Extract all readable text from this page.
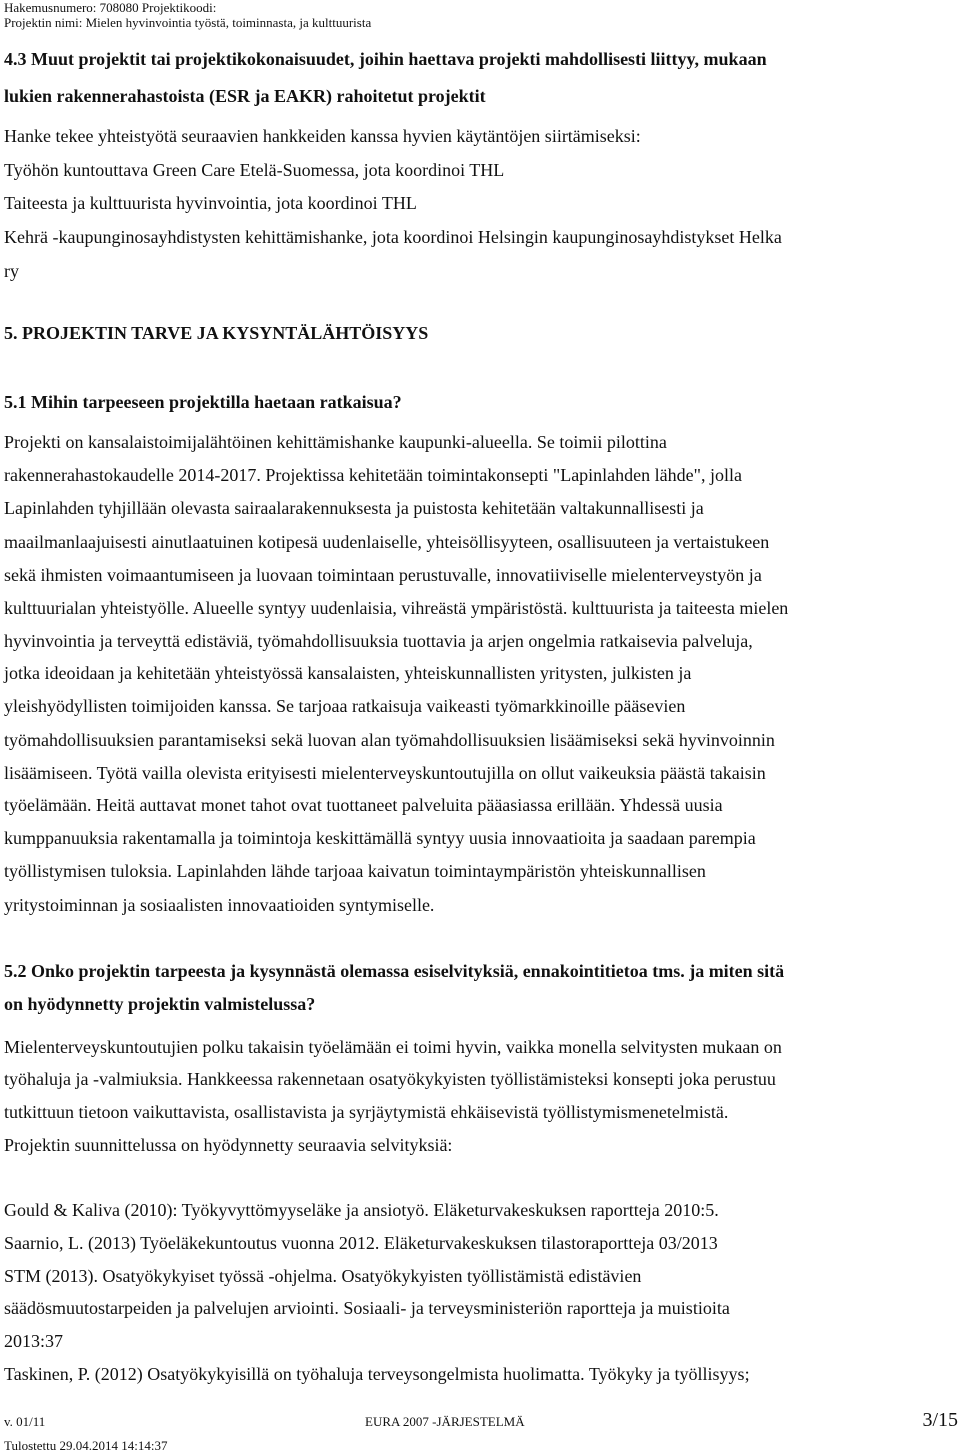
Hakemusnumero: 708080 Projektikoodi:
Projektin nimi: Mielen hyvinvointia työstä, toiminnasta, ja kulttuurista
4.3 Muut projektit tai projektikokonaisuudet, joihin haettava projekti mahdollisesti liittyy, mukaan
lukien rakennerahastoista (ESR ja EAKR) rahoitetut projektit
Hanke tekee yhteistyötä seuraavien hankkeiden kanssa hyvien käytäntöjen siirtämiseksi:
Työhön kuntouttava Green Care Etelä-Suomessa, jota koordinoi THL
Taiteesta ja kulttuurista hyvinvointia, jota koordinoi THL
Kehrä -kaupunginosayhdistysten kehittämishanke, jota koordinoi Helsingin kaupunginosayhdistykset Helka
ry
5. PROJEKTIN TARVE JA KYSYNTÄLÄHTÖISYYS
5.1 Mihin tarpeeseen projektilla haetaan ratkaisua?
Projekti on kansalaistoimijalähtöinen kehittämishanke kaupunki-alueella. Se toimii pilottina
rakennerahastokaudelle 2014-2017. Projektissa kehitetään toimintakonsepti "Lapinlahden lähde", jolla
Lapinlahden tyhjillään olevasta sairaalarakennuksesta ja puistosta kehitetään valtakunnallisesti ja
maailmanlaajuisesti ainutlaatuinen kotipesä uudenlaiselle, yhteisöllisyyteen, osallisuuteen ja vertaistukeen
sekä ihmisten voimaantumiseen ja luovaan toimintaan perustuvalle, innovatiiviselle mielenterveystyön ja
kulttuurialan yhteistyölle. Alueelle syntyy uudenlaisia, vihreästä ympäristöstä. kulttuurista ja taiteesta mielen
hyvinvointia ja terveyttä edistäviä, työmahdollisuuksia tuottavia ja arjen ongelmia ratkaisevia palveluja,
jotka ideoidaan ja kehitetään yhteistyössä kansalaisten, yhteiskunnallisten yritysten, julkisten ja
yleishyödyllisten toimijoiden kanssa. Se tarjoaa ratkaisuja vaikeasti työmarkkinoille pääsevien
työmahdollisuuksien parantamiseksi sekä luovan alan työmahdollisuuksien lisäämiseksi sekä hyvinvoinnin
lisäämiseen. Työtä vailla olevista erityisesti mielenterveyskuntoutujilla on ollut vaikeuksia päästä takaisin
työelämään. Heitä auttavat monet tahot ovat tuottaneet palveluita pääasiassa erillään. Yhdessä uusia
kumppanuuksia rakentamalla ja toimintoja keskittämällä syntyy uusia innovaatioita ja saadaan parempia
työllistymisen tuloksia. Lapinlahden lähde tarjoaa kaivatun toimintaympäristön yhteiskunnallisen
yritystoiminnan ja sosiaalisten innovaatioiden syntymiselle.
5.2 Onko projektin tarpeesta ja kysynnästä olemassa esiselvityksiä, ennakointitietoa tms. ja miten sitä
on hyödynnetty projektin valmistelussa?
Mielenterveyskuntoutujien polku takaisin työelämään ei toimi hyvin, vaikka monella selvitysten mukaan on
työhaluja ja -valmiuksia. Hankkeessa rakennetaan osatyökykyisten työllistämisteksi konsepti joka perustuu
tutkittuun tietoon vaikuttavista, osallistavista ja syrjäytymistä ehkäisevistä työllistymismenetelmistä.
Projektin suunnittelussa on hyödynnetty seuraavia selvityksiä:
Gould & Kaliva (2010): Työkyvyttömyyseläke ja ansiotyö. Eläketurvakeskuksen raportteja 2010:5.
Saarnio, L. (2013) Työeläkekuntoutus vuonna 2012. Eläketurvakeskuksen tilastoraportteja 03/2013
STM (2013). Osatyökykyiset työssä -ohjelma. Osatyökykyisten työllistämistä edistävien
säädösmuutostarpeiden ja palvelujen arviointi. Sosiaali- ja terveysministeriön raportteja ja muistioita
2013:37
Taskinen, P. (2012) Osatyökykyisillä on työhaluja terveysongelmista huolimatta. Työkyky ja työllisyys;
v. 01/11	EURA 2007 -JÄRJESTELMÄ	3/15
Tulostettu 29.04.2014 14:14:37
